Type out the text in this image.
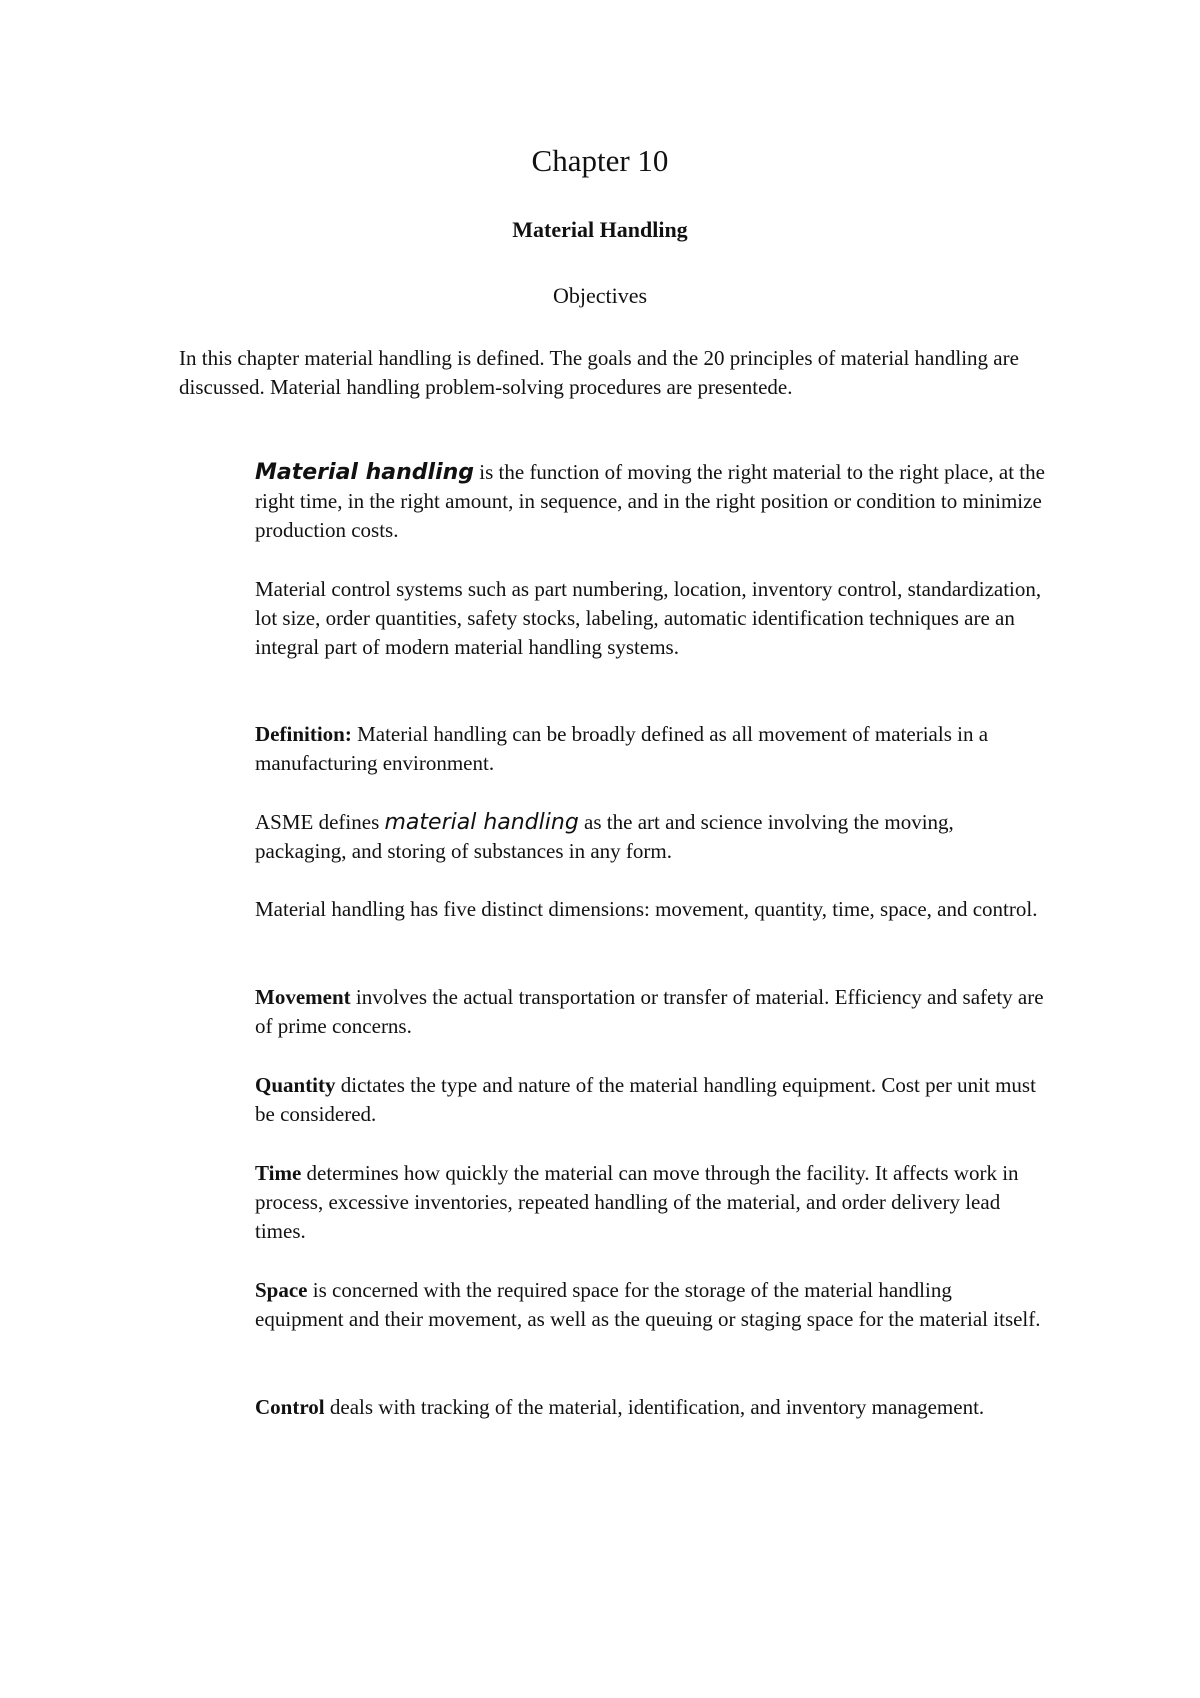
Chapter 10
Material Handling
Objectives

In this chapter material handling is defined. The goals and the 20 principles of material handling are discussed. Material handling problem-solving procedures are presentede.

Material handling is the function of moving the right material to the right place, at the right time, in the right amount, in sequence, and in the right position or condition to minimize production costs.

Material control systems such as part numbering, location, inventory control, standardization, lot size, order quantities, safety stocks, labeling, automatic identification techniques are an integral part of modern material handling systems.

Definition: Material handling can be broadly defined as all movement of materials in a manufacturing environment.

ASME defines material handling as the art and science involving the moving, packaging, and storing of substances in any form.

Material handling has five distinct dimensions: movement, quantity, time, space, and control.

Movement involves the actual transportation or transfer of material. Efficiency and safety are of prime concerns.

Quantity dictates the type and nature of the material handling equipment. Cost per unit must be considered.

Time determines how quickly the material can move through the facility. It affects work in process, excessive inventories, repeated handling of the material, and order delivery lead times.

Space is concerned with the required space for the storage of the material handling equipment and their movement, as well as the queuing or staging space for the material itself.

Control deals with tracking of the material, identification, and inventory management.
